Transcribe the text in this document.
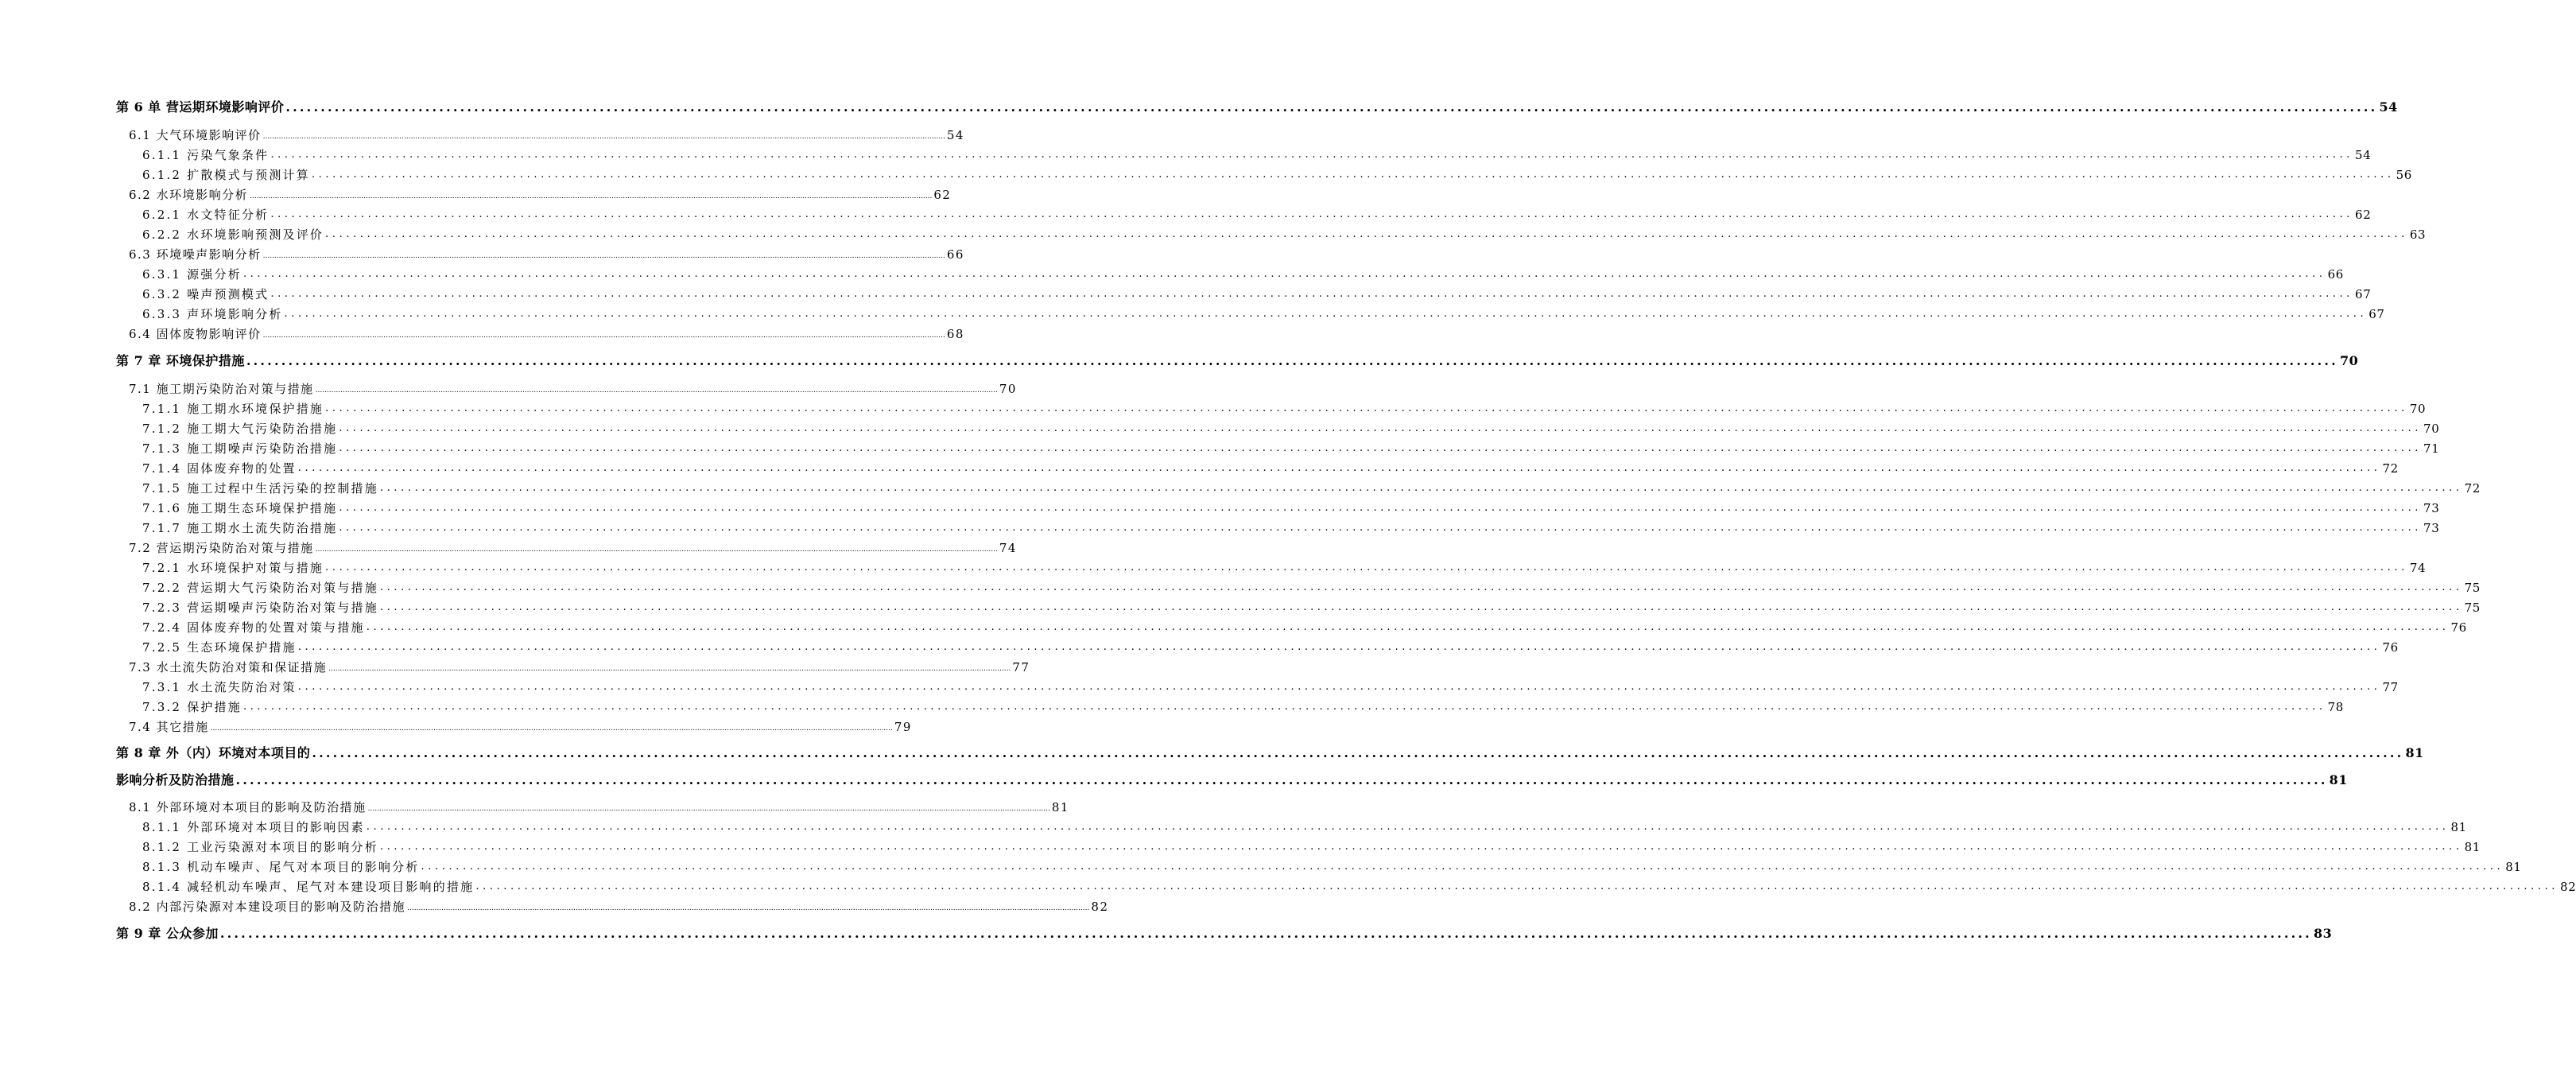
第 6 单 营运期环境影响评价 ............................................................................................................................................................................................................................................................................................................ 54
6.1 大气环境影响评价 ............................................................................................................................................................................................................................................................................................................ 54
6.1.1 污染气象条件 ............................................................................................................................................................................................................................................................................................................ 54
6.1.2 扩散模式与预测计算 ............................................................................................................................................................................................................................................................................................................ 56
6.2 水环境影响分析 ............................................................................................................................................................................................................................................................................................................ 62
6.2.1 水文特征分析 ............................................................................................................................................................................................................................................................................................................ 62
6.2.2 水环境影响预测及评价 ............................................................................................................................................................................................................................................................................................................ 63
6.3 环境噪声影响分析 ............................................................................................................................................................................................................................................................................................................ 66
6.3.1 源强分析 ............................................................................................................................................................................................................................................................................................................ 66
6.3.2 噪声预测模式 ............................................................................................................................................................................................................................................................................................................ 67
6.3.3 声环境影响分析 ............................................................................................................................................................................................................................................................................................................ 67
6.4 固体废物影响评价 ............................................................................................................................................................................................................................................................................................................ 68
第 7 章 环境保护措施 ............................................................................................................................................................................................................................................................................................................ 70
7.1 施工期污染防治对策与措施 ............................................................................................................................................................................................................................................................................................................ 70
7.1.1 施工期水环境保护措施 ............................................................................................................................................................................................................................................................................................................ 70
7.1.2 施工期大气污染防治措施 ............................................................................................................................................................................................................................................................................................................ 70
7.1.3 施工期噪声污染防治措施 ............................................................................................................................................................................................................................................................................................................ 71
7.1.4 固体废弃物的处置 ............................................................................................................................................................................................................................................................................................................ 72
7.1.5 施工过程中生活污染的控制措施 ............................................................................................................................................................................................................................................................................................................ 72
7.1.6 施工期生态环境保护措施 ............................................................................................................................................................................................................................................................................................................ 73
7.1.7 施工期水土流失防治措施 ............................................................................................................................................................................................................................................................................................................ 73
7.2 营运期污染防治对策与措施 ............................................................................................................................................................................................................................................................................................................ 74
7.2.1 水环境保护对策与措施 ............................................................................................................................................................................................................................................................................................................ 74
7.2.2 营运期大气污染防治对策与措施 ............................................................................................................................................................................................................................................................................................................ 75
7.2.3 营运期噪声污染防治对策与措施 ............................................................................................................................................................................................................................................................................................................ 75
7.2.4 固体废弃物的处置对策与措施 ............................................................................................................................................................................................................................................................................................................ 76
7.2.5 生态环境保护措施 ............................................................................................................................................................................................................................................................................................................ 76
7.3 水土流失防治对策和保证措施 ............................................................................................................................................................................................................................................................................................................ 77
7.3.1 水土流失防治对策 ............................................................................................................................................................................................................................................................................................................ 77
7.3.2 保护措施 ............................................................................................................................................................................................................................................................................................................ 78
7.4 其它措施 ............................................................................................................................................................................................................................................................................................................ 79
第 8 章 外（内）环境对本项目的 ............................................................................................................................................................................................................................................................................................................ 81
影响分析及防治措施 ............................................................................................................................................................................................................................................................................................................ 81
8.1 外部环境对本项目的影响及防治措施 ............................................................................................................................................................................................................................................................................................................ 81
8.1.1 外部环境对本项目的影响因素 ............................................................................................................................................................................................................................................................................................................ 81
8.1.2 工业污染源对本项目的影响分析 ............................................................................................................................................................................................................................................................................................................ 81
8.1.3 机动车噪声、尾气对本项目的影响分析 ............................................................................................................................................................................................................................................................................................................ 81
8.1.4 减轻机动车噪声、尾气对本建设项目影响的措施 ............................................................................................................................................................................................................................................................................................................ 82
8.2 内部污染源对本建设项目的影响及防治措施 ............................................................................................................................................................................................................................................................................................................ 82
第 9 章 公众参加 ............................................................................................................................................................................................................................................................................................................ 83
